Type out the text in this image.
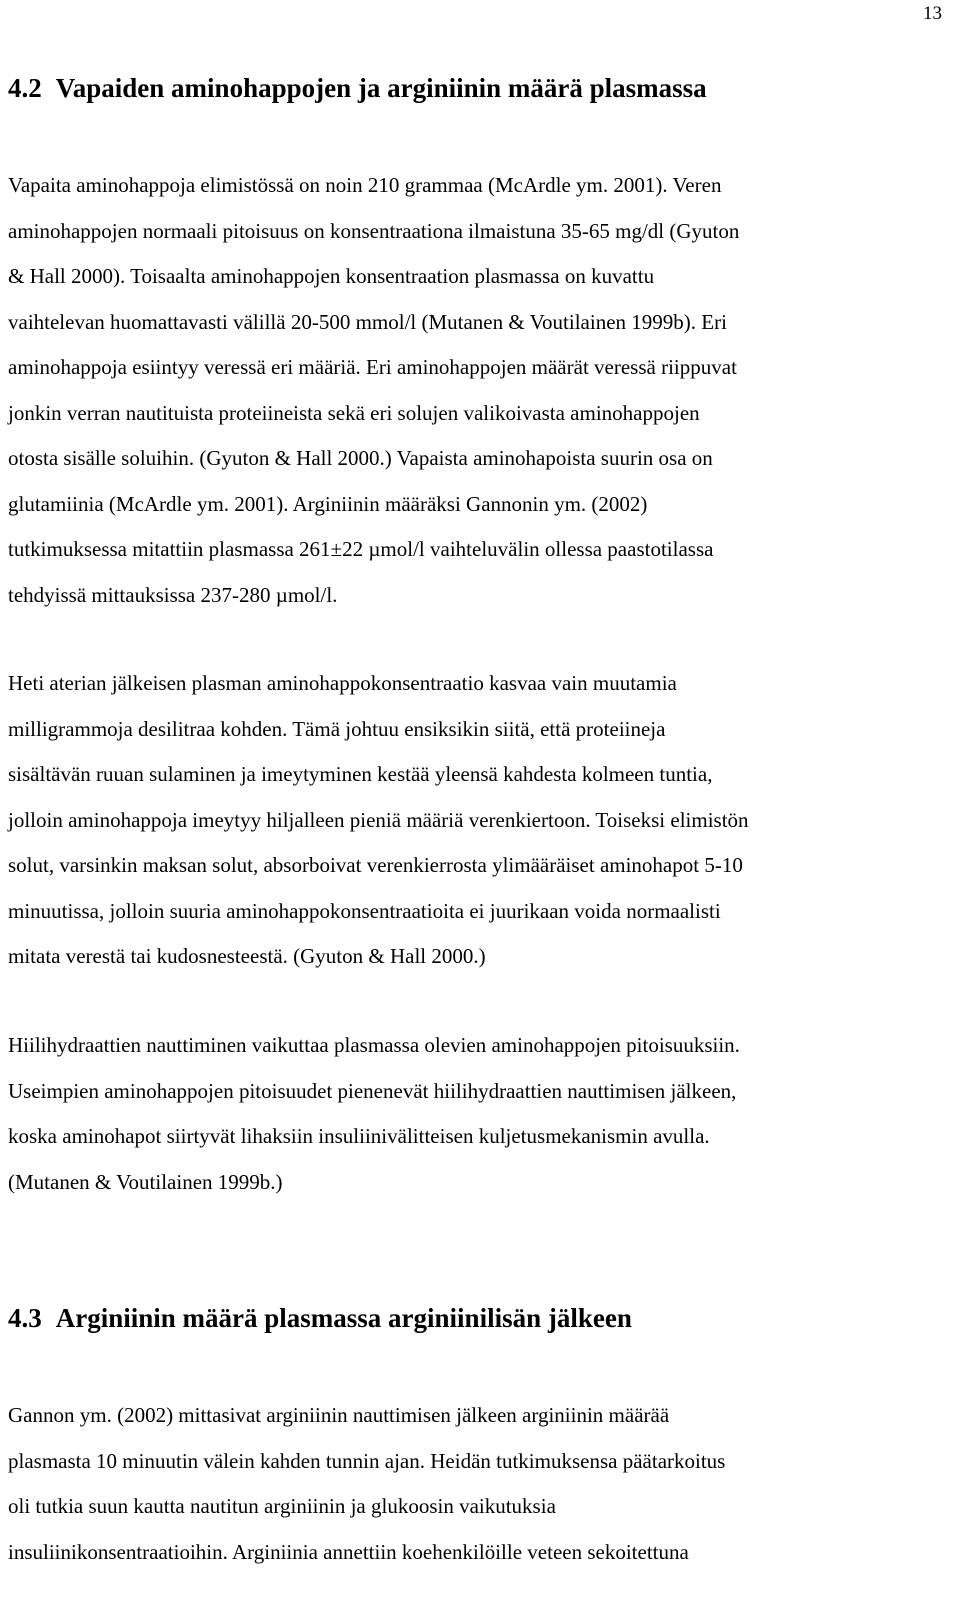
13
4.2 Vapaiden aminohappojen ja arginiinin määrä plasmassa
Vapaita aminohappoja elimistössä on noin 210 grammaa (McArdle ym. 2001). Veren
aminohappojen normaali pitoisuus on konsentraationa ilmaistuna 35-65 mg/dl (Gyuton
& Hall 2000). Toisaalta aminohappojen konsentraation plasmassa on kuvattu
vaihtelevan huomattavasti välillä 20-500 mmol/l (Mutanen & Voutilainen 1999b). Eri
aminohappoja esiintyy veressä eri määriä. Eri aminohappojen määrät veressä riippuvat
jonkin verran nautituista proteiineista sekä eri solujen valikoivasta aminohappojen
otosta sisälle soluihin. (Gyuton & Hall 2000.) Vapaista aminohapoista suurin osa on
glutamiinia (McArdle ym. 2001). Arginiinin määräksi Gannonin ym. (2002)
tutkimuksessa mitattiin plasmassa 261±22 µmol/l vaihteluvälin ollessa paastotilassa
tehdyissä mittauksissa 237-280 µmol/l.
Heti aterian jälkeisen plasman aminohappokonsentraatio kasvaa vain muutamia
milligrammoja desilitraa kohden. Tämä johtuu ensiksikin siitä, että proteiineja
sisältävän ruuan sulaminen ja imeytyminen kestää yleensä kahdesta kolmeen tuntia,
jolloin aminohappoja imeytyy hiljalleen pieniä määriä verenkiertoon. Toiseksi elimistön
solut, varsinkin maksan solut, absorboivat verenkierrosta ylimääräiset aminohapot 5-10
minuutissa, jolloin suuria aminohappokonsentraatioita ei juurikaan voida normaalisti
mitata verestä tai kudosnesteestä. (Gyuton & Hall 2000.)
Hiilihydraattien nauttiminen vaikuttaa plasmassa olevien aminohappojen pitoisuuksiin.
Useimpien aminohappojen pitoisuudet pienenevät hiilihydraattien nauttimisen jälkeen,
koska aminohapot siirtyvät lihaksiin insuliinivälitteisen kuljetusmekanismin avulla.
(Mutanen & Voutilainen 1999b.)
4.3 Arginiinin määrä plasmassa arginiinilisän jälkeen
Gannon ym. (2002) mittasivat arginiinin nauttimisen jälkeen arginiinin määrää
plasmasta 10 minuutin välein kahden tunnin ajan. Heidän tutkimuksensa päätarkoitus
oli tutkia suun kautta nautitun arginiinin ja glukoosin vaikutuksia
insuliinikonsentraatioihin. Arginiinia annettiin koehenkilöille veteen sekoitettuna
